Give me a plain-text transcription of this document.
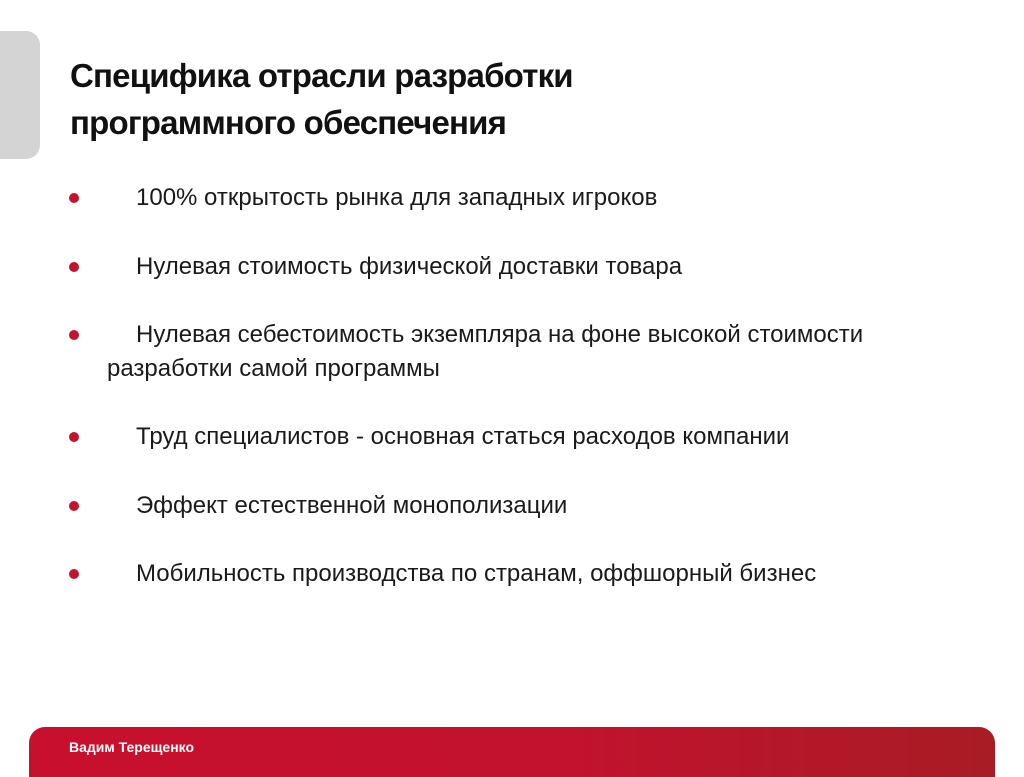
Специфика отрасли разработки
программного обеспечения
100% открытость рынка для западных игроков
Нулевая стоимость физической доставки товара
Нулевая себестоимость экземпляра на фоне высокой стоимости разработки самой программы
Труд специалистов - основная статься расходов компании
Эффект естественной монополизации
Мобильность производства по странам, оффшорный бизнес
Вадим Терещенко
